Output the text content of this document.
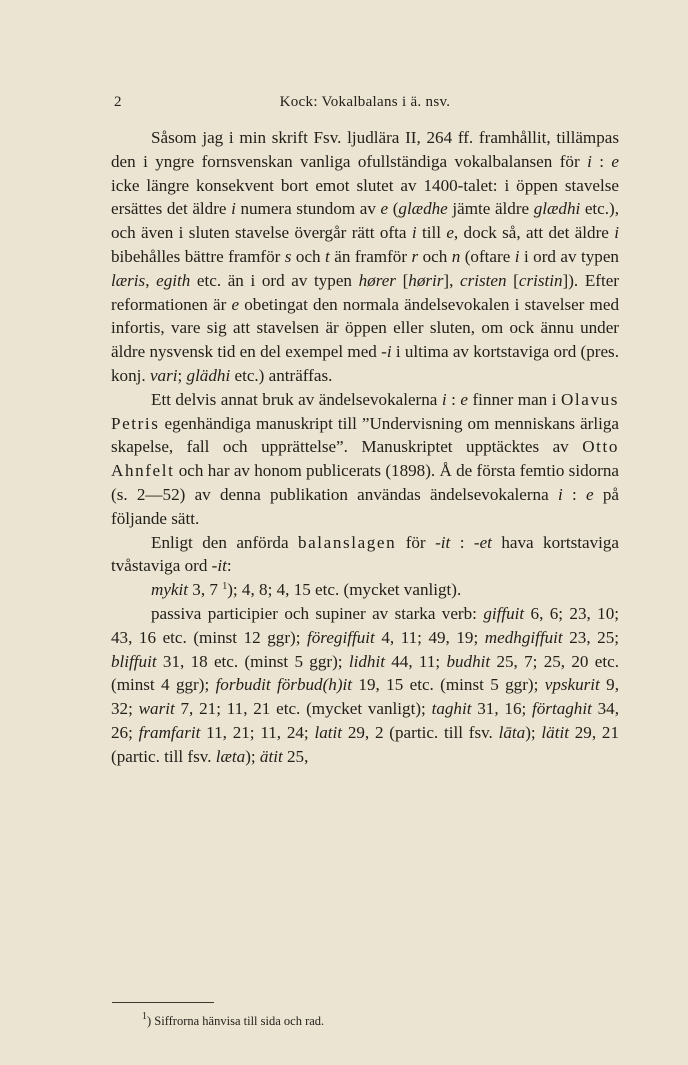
2	Kock: Vokalbalans i ä. nsv.

Såsom jag i min skrift Fsv. ljudlära II, 264 ff. framhållit, tillämpas den i yngre fornsvenskan vanliga ofullständiga vokalbalansen för i : e icke längre konsekvent bort emot slutet av 1400-talet: i öppen stavelse ersättes det äldre i numera stundom av e (glædhe jämte äldre glædhi etc.), och även i sluten stavelse övergår rätt ofta i till e, dock så, att det äldre i bibehålles bättre framför s och t än framför r och n (oftare i i ord av typen læris, egith etc. än i ord av typen hører [hørir], cristen [cristin]). Efter reformationen är e obetingat den normala ändelsevokalen i stavelser med infortis, vare sig att stavelsen är öppen eller sluten, om ock ännu under äldre nysvensk tid en del exempel med -i i ultima av kortstaviga ord (pres. konj. vari; glädhi etc.) anträffas.

Ett delvis annat bruk av ändelsevokalerna i : e finner man i Olavus Petris egenhändiga manuskript till ”Undervisning om menniskans ärliga skapelse, fall och upprättelse”. Manuskriptet upptäcktes av Otto Ahnfelt och har av honom publicerats (1898). Å de första femtio sidorna (s. 2—52) av denna publikation användas ändelsevokalerna i : e på följande sätt.

Enligt den anförda balanslagen för -it : -et hava kortstaviga tvåstaviga ord -it:

mykit 3, 7 $^1$); 4, 8; 4, 15 etc. (mycket vanligt).

passiva participier och supiner av starka verb: giffuit 6, 6; 23, 10; 43, 16 etc. (minst 12 ggr); föregiffuit 4, 11; 49, 19; medhgiffuit 23, 25; bliffuit 31, 18 etc. (minst 5 ggr); lidhit 44, 11; budhit 25, 7; 25, 20 etc. (minst 4 ggr); forbudit förbud(h)it 19, 15 etc. (minst 5 ggr); vpskurit 9, 32; warit 7, 21; 11, 21 etc. (mycket vanligt); taghit 31, 16; förtaghit 34, 26; framfarit 11, 21; 11, 24; latit 29, 2 (partic. till fsv. lāta); lätit 29, 21 (partic. till fsv. læta); ätit 25,

$^1$) Siffrorna hänvisa till sida och rad.
